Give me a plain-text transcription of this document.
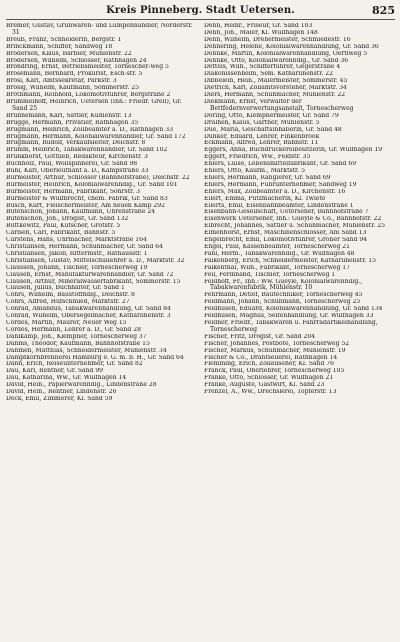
Kreis Pinneberg. Stadt Uetersen.	825
Bremer, Gustav, Grünwaren- und Lumpenhändler, Norderstr. 31
Breuß, Franz, Schneiderin, Bergstr. 1
Brinckmann, Schiffer, Sandweg 18
Brodersen, Klaus, Barbier, Mühlenstr. 22
Brodersen, Wilhelm, Schlosser, Rathhagen 24
Brondring, Ernst, Betriebsmeister, Tornescher-weg 5
Brosemann, Bernhard, Prokurist, Esch-str. 5
Brosi, Karl, Amtssekretär, Parkstr. 3
Brosig, Wilhelm, Kaufmann, Sommerstr. 25
Brothmann, Reinhold, Lokomotivführer, Bergstraße 2
Brummelhoff, Heinrich, Uetersen (Inh.: Friedr. Grell), Gr. Sand 25
Brunnemann, Karl, Sattler, Kuhlenstr. 13
Brügge, Hermann, Privatier, Rathhagen 35
Brügmann, Heinrich, Zollbeamter a. D., Rathhagen 33
Brügmann, Hermann, Kolonialwarenhändler, Gr. Sand 172
Brügmann, Rudolf, Verkaufsleiter, Deichstr. 8
Brumm, Heinrich, Tabakwarenhändler, Gr. Sand 102
Brunkhorst, Gottlieb, Redakteur, Kirchenstr. 3
Buchholz, Paul, Wollspinnerei, Gr. Sand 98
Buhl, Karl, Oberleutnant a. D., Kampstraße 33
Burmeister, Arthur, Schlosser (Bahnhofstraße), Deichstr. 22
Burmeister, Heinrich, Kolonialwarenhdlg., Gr. Sand 101
Burmeister, Hermann, Fabrikant, Sohrstr. 3
Burmeister & Wulfbrecht, chem. Fabrik, Gr. Sand 83
Busch, Kurt, Fleischermeister, Am neuen Kamp 292
Butenschön, Johann, Kaufmann, Uhrenstraße 24
Butenschön, Joh., Drogist, Gr. Sand 132
Buttkewitz, Paul, Kutscher, Grotstr. 5
Carlsen, Carl, Fabrikant, Bahnstr. 5
Carstens, Hans, Uhrmacher, Marktstraße 164
Christiansen, Hermann, Schuhmacher, Gr. Sand 64
Christiansen, Jakob, Rittermstr., Rathausstr. 1
Christiansen, Gustav, Mittelschullehrer a. D., Marktstr. 32
Claussen, Johann, Tischler, Tornescherweg 19
Clausen, Ernst, Manufakturwarenhändler, Gr. Sand 72
Clausen, Arthur, Mineralwasserfabrikant, Sommerstr. 15
Clausen, Julius, Buchhalter, Gr. Sand 1
Cohrs, Wilhelm, Baustoffhdlg., Deichstr. 8
Cohrs, Alfred, Hufschmied, Marktstr. 27
Conrad, Amandus, Tabakwarenhandlung, Gr. Sand 84
Conrad, Wilhelm, Obersegelmacher, Kathariinenstr. 3
Cordes, Martin, Maurer, Neuer Weg 15
Cordes, Hermann, Lehrer a. D., Gr. Sand 28
Dahlkamp, Joh., Klempner, Tornescherweg 37
Dahms, Theodor, Kaufmann, Bahnhofstraße 15
Dahmen, Matthias, Schneidermeister, Mühlenstr. 34
Dampfkornbrennerei Hamburg e. G. m. b. H., Gr. Sand 64
Dann, Erich, Reiseunternehmer, Gr. Sand 82
Dau, Karl, Rentner, Gr. Sand 99
Dau, Katharina, Ww., Gr. Wulfhagen 14
David, Hein., Papierwarenhdlg., Lindenstraße 28
David, Hein., Rentner, Lindenstr. 26
Deck, Emil, Zimmerer, Kl. Sand 59
Dehn, Heinr., Friseur, Gr. Sand 103
Dehn, Joh., Maler, Kl. Wulfhagen 148
Dehn, Wilhelm, Drehermeister, Schmiedestr. 16
Dehnering, Helene, Kolonialwarenhandlung, Gr. Sand 36
Dehnke, Martin, Kolonialwarenhandlung, Oertlweg 5
Dehnke, Otto, Kolonialwarenhdlg., Gr. Sand 36
Dettels, Wilh., Schifferführer, Gegerstraße 4
Diakonissenheim, Sem. Kathariinenstr. 22
Dibbelein, Hein., Malermeister, Sommerstr. 45
Dietrich, Karl, Zollamtsvorsteher, Marktstr. 34
Diers, Hermann, Schuhmacher, Mühlenstr. 22
Diekmann, Ernst, Verwalter der Bettfedernverwertungsanstalt, Tornescherweg
Döring, Otto, Klempnermeister, Gr. Sand 79
Dralhen, Klaus, Gärtner, Mühlenstr. 5
Due, Maria, Geschäftsinhaberin, Gr. Sand 48
Dunker, Eduard, Lehrer, Finkenbrook
Eckmann, Alfred, Lehrer, Bahnstr. 11
Eggers, Anna, Buchdruckereibesitzerin, Gr. Wulfhagen 19
Eggert, Friedrich, Ww., Feldstr. 35
Ehlers, Luise, Lebensmittelfabrikant, Gr. Sand 69
Ehlers, Otto, Kaufm., Marktstr. 5
Ehlers, Hermann, Rangierer, Gr. Sand 69
Ehlers, Hermann, Fuhrunternehmer, Sandweg 19
Ehlers, Max, Zollbeamter a. D., Kirchenstr. 16
Eilert, Emma, Putzmacherin, Kl. Twiete
Eilerts, Emil, Eisenbahnbeamter, Lindenstraße 1
Eisenbahn-Gesellschaft, Uetersener, Bahnhofstraße 7
Eisenwerk Uetersener, Inh.: Gueyle & Co., Bahnhofstr. 22
Elbrecht, Johannes, Sattler u. Schuhmacher, Mühlenstr. 25
Elmenhorst, Ernst, Maschinenschlosser, Am Sand 13
Engelbrecht, Emil, Lokomotivführer, Großer Sand 94
Engel, Paul, Kassenbeamter, Tornescherweg 21
Fahl, Herm., Tabakwarenhdlg., Gr. Wulfhagen 48
Falkenberg, Erich, Schneidermeister, Kathariinenstr. 15
Falkenthal, Wilh., Fabrikant, Tornescherweg 17
Feil, Ferdinand, Tischler, Tornescherweg 1
Feldhoff, Fr., Inh.: Ww. Gueyle, Kolonialwarenhdlg., Tabakwarenfabrik, Mühlenstr. 10
Fehrmann, Detlef, Bautechniker, Tornescherweg 45
Feldmann, Johann, Schuhmann, Tornescherweg 25
Feldhusen, Eduard, Kolonialwarenhandlung, Gr. Sand 134
Feldhusen, Magnus, Seifenhandlung, Gr. Wulfhagen 33
Feldner, Friedr., Tabakwaren u. Fahrradartikelhandlung, Tornescherweg
Fischer, Fritz, Drogist, Gr. Sand 204
Fischer, Johannes, Postbote, Tornescherweg 52
Fischer, Markus, Schuhmacher, Mühlenstr. 19
Fischer & Co., Drahtseilerei, Rathhagen 14
Flemming, Erich, Zollauseher, Kl. Sand 76
Franck, Paul, Oberlehrer, Tornescherweg 105
Franke, Otto, Schlosser, Gr. Wulfhagen 21
Franke, Auguste, Gastwirt, Kl. Sand 23
Frenzel, A., Ww., Drechslerei, Töpferstr. 13
